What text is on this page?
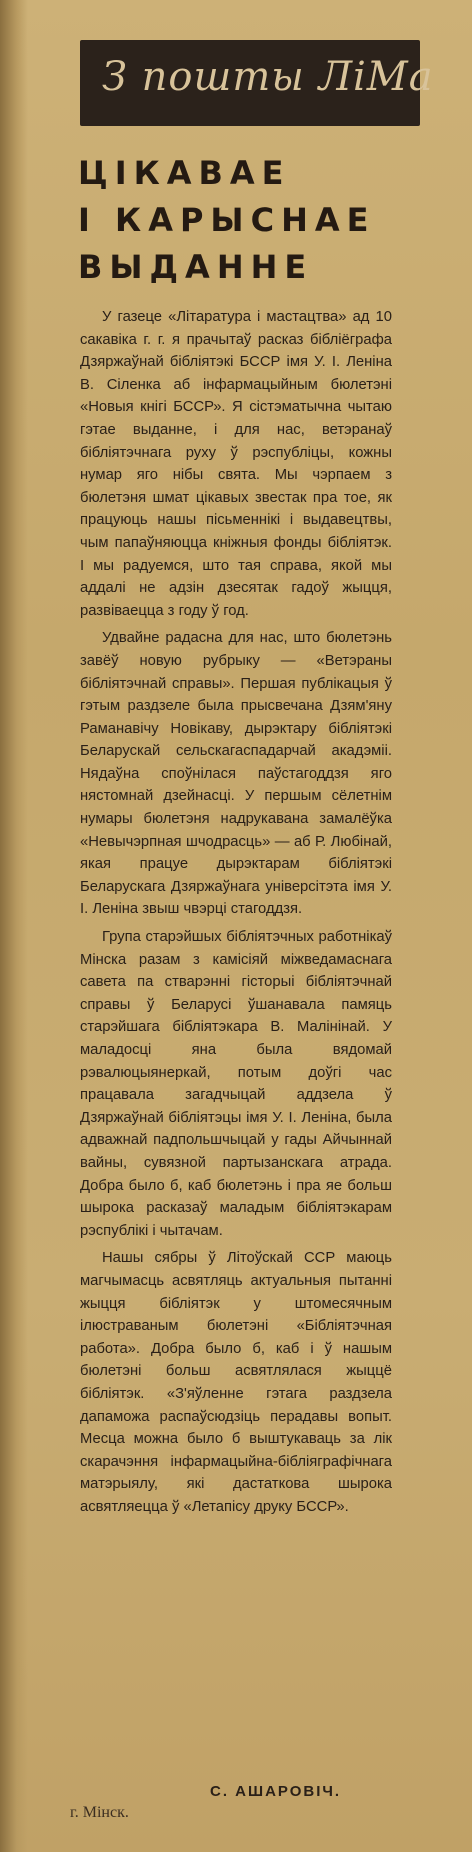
З пошты ЛіМа
ЦІКАВАЕ
І КАРЫСНАЕ
ВЫДАННЕ

У газеце «Літаратура і мастацтва» ад 10 сакавіка г. г. я прачытаў расказ бібліёграфа Дзяржаўнай бібліятэкі БССР імя У. І. Леніна В. Сіленка аб інфармацыйным бюлетэні «Новыя кнігі БССР». Я сістэматычна чытаю гэтае выданне, і для нас, ветэранаў бібліятэчнага руху ў рэспубліцы, кожны нумар яго нібы свята. Мы чэрпаем з бюлетэня шмат цікавых звестак пра тое, як працуюць нашы пісьменнікі і выдавецтвы, чым папаўняюцца кніжныя фонды бібліятэк. І мы радуемся, што тая справа, якой мы аддалі не адзін дзесятак гадоў жыцця, развіваецца з году ў год.

Удвайне радасна для нас, што бюлетэнь завёў новую рубрыку — «Ветэраны бібліятэчнай справы». Першая публікацыя ў гэтым раздзеле была прысвечана Дзям'яну Раманавічу Новікаву, дырэктару бібліятэкі Беларускай сельскагаспадарчай акадэміі. Нядаўна споўнілася паўстагоддзя яго нястомнай дзейнасці. У першым сёлетнім нумары бюлетэня надрукавана замалёўка «Невычэрпная шчодрасць» — аб Р. Любінай, якая працуе дырэктарам бібліятэкі Беларускага Дзяржаўнага універсітэта імя У. І. Леніна звыш чвэрці стагоддзя.

Група старэйшых бібліятэчных работнікаў Мінска разам з камісіяй міжведамаснага савета па стварэнні гісторыі бібліятэчнай справы ў Беларусі ўшанавала памяць старэйшага бібліятэкара В. Малінінай. У маладосці яна была вядомай рэвалюцыянеркай, потым доўгі час працавала загадчыцай аддзела ў Дзяржаўнай бібліятэцы імя У. І. Леніна, была адважнай падпольшчыцай у гады Айчыннай вайны, сувязной партызанскага атрада. Добра было б, каб бюлетэнь і пра яе больш шырока расказаў маладым бібліятэкарам рэспублікі і чытачам.

Нашы сябры ў Літоўскай ССР маюць магчымасць асвятляць актуальныя пытанні жыцця бібліятэк у штомесячным ілюстраваным бюлетэні «Бібліятэчная работа». Добра было б, каб і ў нашым бюлетэні больш асвятлялася жыццё бібліятэк. «З'яўленне гэтага раздзела дапаможа распаўсюдзіць перадавы вопыт. Месца можна было б выштукаваць за лік скарачэння інфармацыйна-бібліяграфічнага матэрыялу, які дастаткова шырока асвятляецца ў «Летапісу друку БССР».

С. АШАРОВІЧ.
г. Мінск.
